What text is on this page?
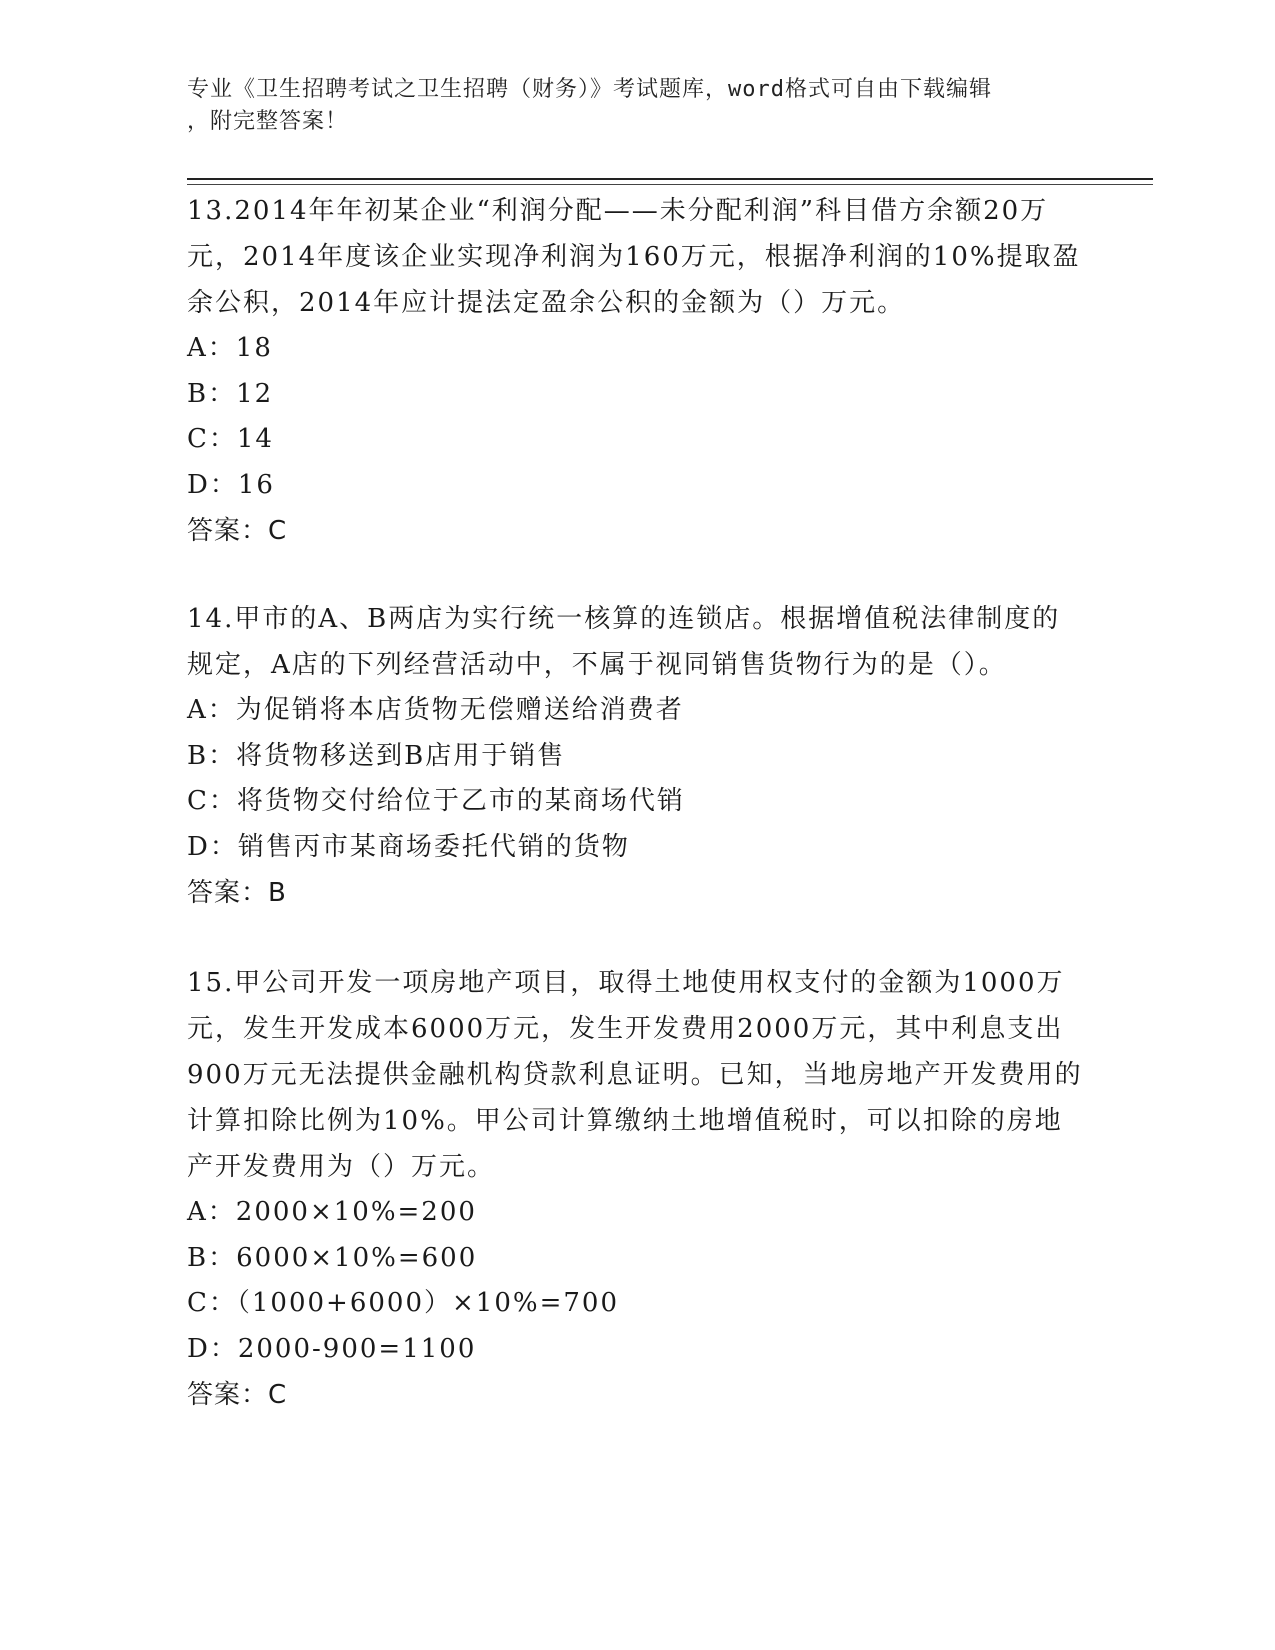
专业《卫生招聘考试之卫生招聘（财务）》考试题库，word格式可自由下载编辑
，附完整答案！

13.2014年年初某企业“利润分配——未分配利润”科目借方余额20万元，2014年度该企业实现净利润为160万元，根据净利润的10%提取盈余公积，2014年应计提法定盈余公积的金额为（）万元。

A：18

B：12

C：14

D：16

答案：C

14.甲市的A、B两店为实行统一核算的连锁店。根据增值税法律制度的规定，A店的下列经营活动中，不属于视同销售货物行为的是（）。

A：为促销将本店货物无偿赠送给消费者

B：将货物移送到B店用于销售

C：将货物交付给位于乙市的某商场代销

D：销售丙市某商场委托代销的货物

答案：B

15.甲公司开发一项房地产项目，取得土地使用权支付的金额为1000万元，发生开发成本6000万元，发生开发费用2000万元，其中利息支出900万元无法提供金融机构贷款利息证明。已知，当地房地产开发费用的计算扣除比例为10%。甲公司计算缴纳土地增值税时，可以扣除的房地产开发费用为（）万元。

A：2000×10%=200

B：6000×10%=600

C：（1000+6000）×10%=700

D：2000-900=1100

答案：C
